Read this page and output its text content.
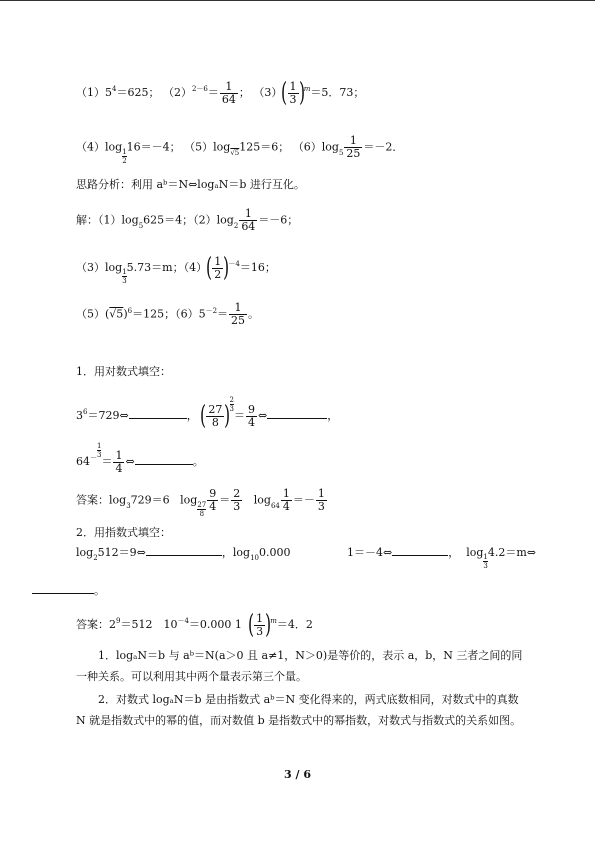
$(1)5^4=625$； $(2)^{2-6}= \frac{1}{64}$ ； $(3)( \frac{1}{3} )^m=5$．73；
（4）log
$\frac{1}{2}$
16＝－4； $(5)\log_{√5}125=6$； $(6)\log_5 \frac{1}{25} =-2$．
思路分析：利用 aᵇ＝N⇔logₐN＝b 进行互化。
解：$(1)\log_5625=4$；$(2)\log_2 \frac{1}{64} =-6$；
（3）log
$\frac{1}{3}$
5.73＝m；$(4)( \frac{1}{2} )^{-4}=16$；
$(5)(√5)^6=125$；$(6)5^{-2}= \frac{1}{25}$ 。
1．用对数式填空：
$3^6=729\Leftrightarrow$	， ( $\frac{27}{8}$ ) $\frac{2}{3}$
＝ $\frac{9}{4}$ ⇔	，
$64^- \frac{1}{3}$
＝ $\frac{1}{4}$ ⇔	。
答案：$\log_3729=6$ log
$\frac{27}{8} \frac{9}{4} = \frac{2}{3} \log_{64} \frac{1}{4} =- \frac{1}{3}$
2．用指数式填空：
$\log_2512=9\Leftrightarrow$	，$\log_{10}0.000$	1＝－4⇔	， log
$\frac{1}{3}$
4.2＝m⇔
。
答案：$2^9=512$　$10^{-4}=0.000$ 1 ( $\frac{1}{3} )^m=4$．2
1．logₐN＝b 与 aᵇ＝N(a＞0 且 a≠1，N＞0)是等价的，表示 a，b，N 三者之间的同一种关系。可以利用其中两个量表示第三个量。
2．对数式 logₐN＝b 是由指数式 aᵇ＝N 变化得来的，两式底数相同，对数式中的真数 N 就是指数式中的幂的值，而对数值 b 是指数式中的幂指数，对数式与指数式的关系如图。
3 / 6
